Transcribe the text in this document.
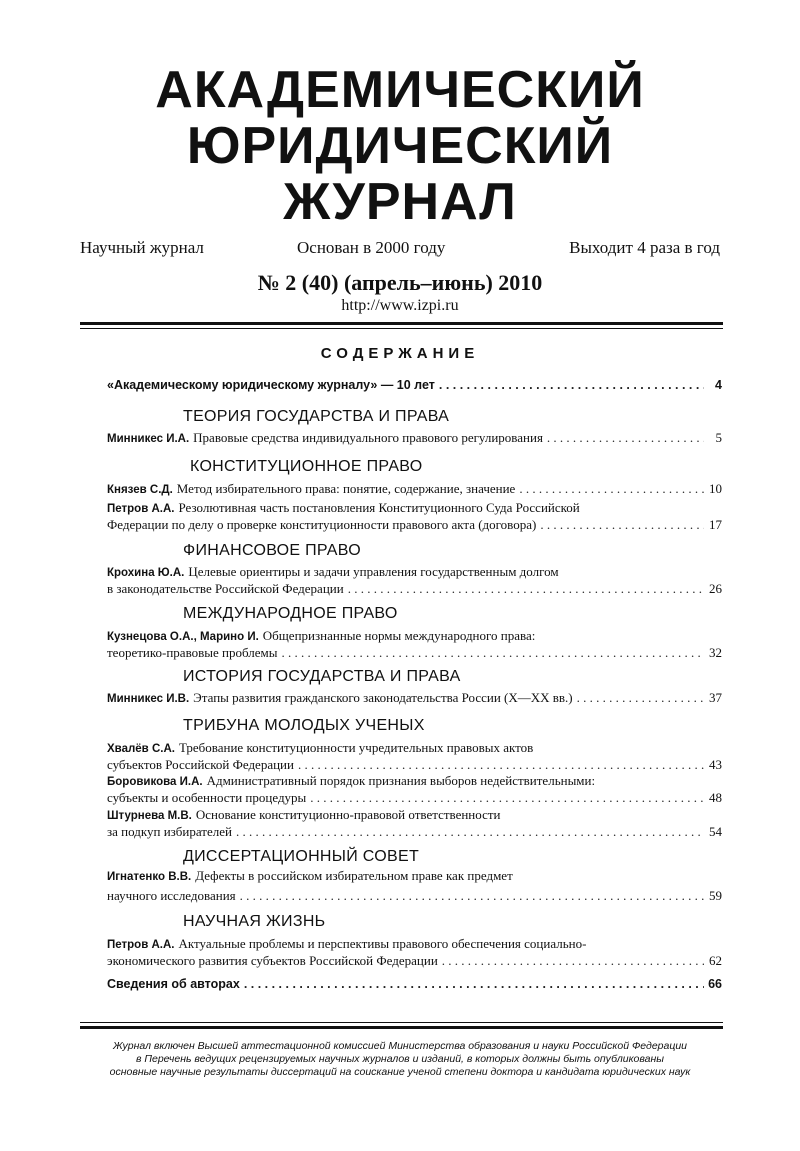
АКАДЕМИЧЕСКИЙ
ЮРИДИЧЕСКИЙ
ЖУРНАЛ
Научный журнал	Основан в 2000 году	Выходит 4 раза в год
№ 2 (40) (апрель–июнь) 2010
http://www.izpi.ru
СОДЕРЖАНИЕ
«Академическому юридическому журналу» — 10 лет . . .	4
ТЕОРИЯ ГОСУДАРСТВА И ПРАВА
Минникес И.А. Правовые средства индивидуального правового регулирования . . .	5
КОНСТИТУЦИОННОЕ ПРАВО
Князев С.Д. Метод избирательного права: понятие, содержание, значение . . .	10
Петров А.А. Резолютивная часть постановления Конституционного Суда Российской
Федерации по делу о проверке конституционности правового акта (договора) . . .	17
ФИНАНСОВОЕ ПРАВО
Крохина Ю.А. Целевые ориентиры и задачи управления государственным долгом
в законодательстве Российской Федерации . . .	26
МЕЖДУНАРОДНОЕ ПРАВО
Кузнецова О.А., Марино И. Общепризнанные нормы международного права:
теоретико-правовые проблемы . . .	32
ИСТОРИЯ ГОСУДАРСТВА И ПРАВА
Минникес И.В. Этапы развития гражданского законодательства России (X—XX вв.) . . .	37
ТРИБУНА МОЛОДЫХ УЧЕНЫХ
Хвалёв С.А. Требование конституционности учредительных правовых актов
субъектов Российской Федерации . . .	43
Боровикова И.А. Административный порядок признания выборов недействительными:
субъекты и особенности процедуры . . .	48
Штурнева М.В. Основание конституционно-правовой ответственности
за подкуп избирателей . . .	54
ДИССЕРТАЦИОННЫЙ СОВЕТ
Игнатенко В.В. Дефекты в российском избирательном праве как предмет
научного исследования . . .	59
НАУЧНАЯ ЖИЗНЬ
Петров А.А. Актуальные проблемы и перспективы правового обеспечения социально-
экономического развития субъектов Российской Федерации . . .	62
Сведения об авторах . . .	66
Журнал включен Высшей аттестационной комиссией Министерства образования и науки Российской Федерации
в Перечень ведущих рецензируемых научных журналов и изданий, в которых должны быть опубликованы
основные научные результаты диссертаций на соискание ученой степени доктора и кандидата юридических наук
